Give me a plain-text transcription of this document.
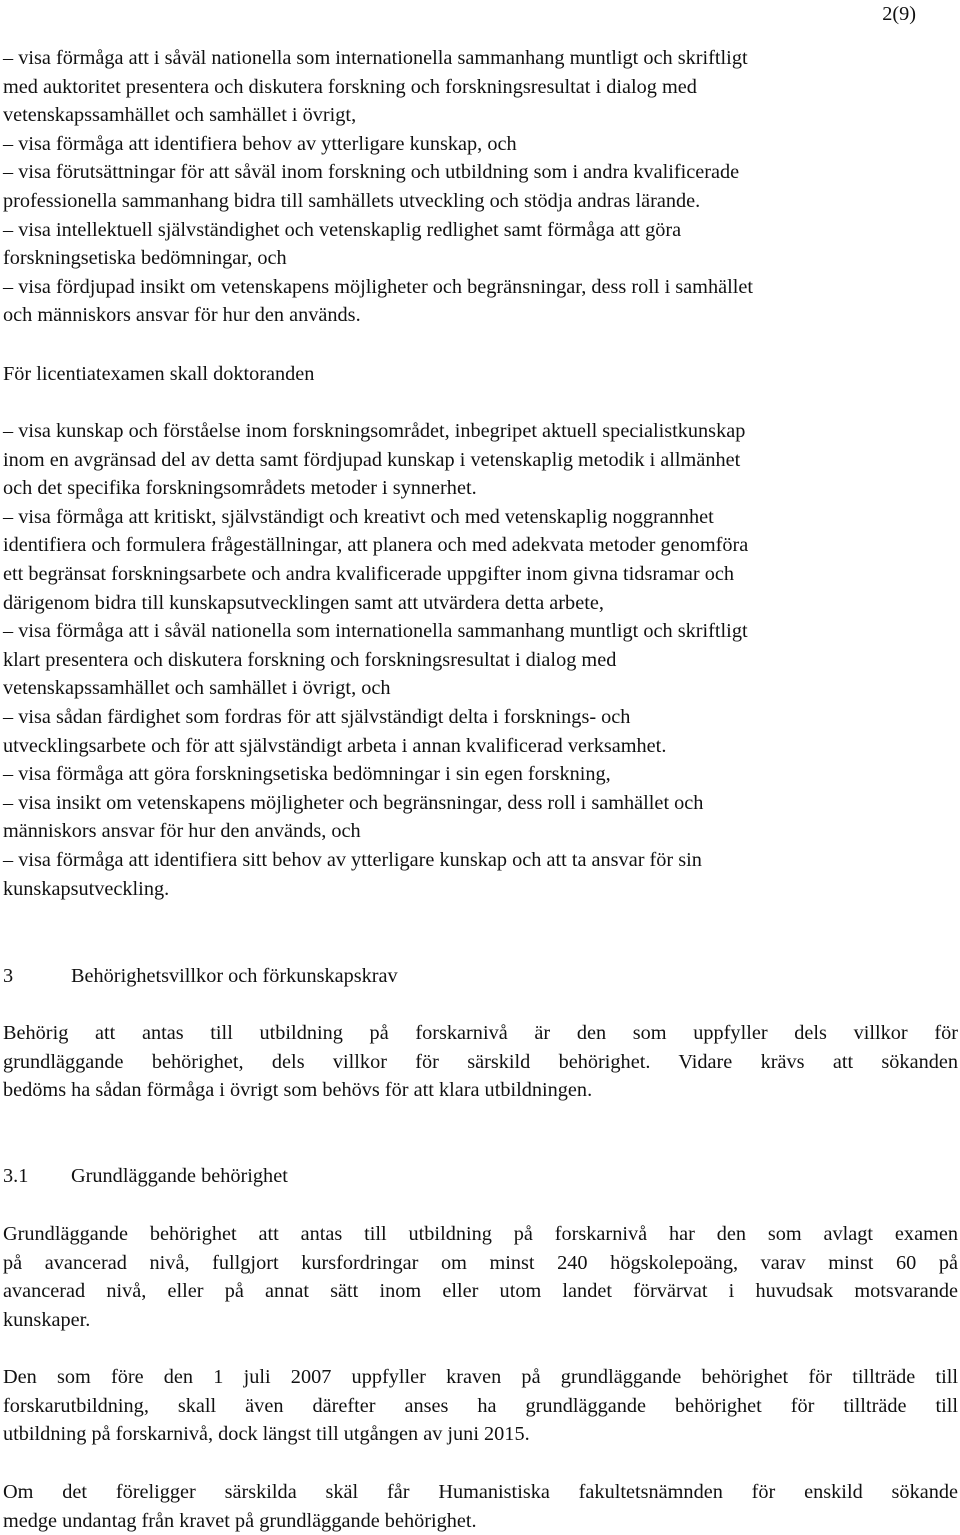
2(9)
– visa förmåga att i såväl nationella som internationella sammanhang muntligt och skriftligt
med auktoritet presentera och diskutera forskning och forskningsresultat i dialog med
vetenskapssamhället och samhället i övrigt,
– visa förmåga att identifiera behov av ytterligare kunskap, och
– visa förutsättningar för att såväl inom forskning och utbildning som i andra kvalificerade
professionella sammanhang bidra till samhällets utveckling och stödja andras lärande.
– visa intellektuell självständighet och vetenskaplig redlighet samt förmåga att göra
forskningsetiska bedömningar, och
– visa fördjupad insikt om vetenskapens möjligheter och begränsningar, dess roll i samhället
och människors ansvar för hur den används.
För licentiatexamen skall doktoranden
– visa kunskap och förståelse inom forskningsområdet, inbegripet aktuell specialistkunskap
inom en avgränsad del av detta samt fördjupad kunskap i vetenskaplig metodik i allmänhet
och det specifika forskningsområdets metoder i synnerhet.
– visa förmåga att kritiskt, självständigt och kreativt och med vetenskaplig noggrannhet
identifiera och formulera frågeställningar, att planera och med adekvata metoder genomföra
ett begränsat forskningsarbete och andra kvalificerade uppgifter inom givna tidsramar och
därigenom bidra till kunskapsutvecklingen samt att utvärdera detta arbete,
– visa förmåga att i såväl nationella som internationella sammanhang muntligt och skriftligt
klart presentera och diskutera forskning och forskningsresultat i dialog med
vetenskapssamhället och samhället i övrigt, och
– visa sådan färdighet som fordras för att självständigt delta i forsknings- och
utvecklingsarbete och för att självständigt arbeta i annan kvalificerad verksamhet.
– visa förmåga att göra forskningsetiska bedömningar i sin egen forskning,
– visa insikt om vetenskapens möjligheter och begränsningar, dess roll i samhället och
människors ansvar för hur den används, och
– visa förmåga att identifiera sitt behov av ytterligare kunskap och att ta ansvar för sin
kunskapsutveckling.
3	Behörighetsvillkor och förkunskapskrav
Behörig att antas till utbildning på forskarnivå är den som uppfyller dels villkor för
grundläggande behörighet, dels villkor för särskild behörighet. Vidare krävs att sökanden
bedöms ha sådan förmåga i övrigt som behövs för att klara utbildningen.
3.1 Grundläggande behörighet
Grundläggande behörighet att antas till utbildning på forskarnivå har den som avlagt examen
på avancerad nivå, fullgjort kursfordringar om minst 240 högskolepoäng, varav minst 60 på
avancerad nivå, eller på annat sätt inom eller utom landet förvärvat i huvudsak motsvarande
kunskaper.
Den som före den 1 juli 2007 uppfyller kraven på grundläggande behörighet för tillträde till
forskarutbildning, skall även därefter anses ha grundläggande behörighet för tillträde till
utbildning på forskarnivå, dock längst till utgången av juni 2015.
Om det föreligger särskilda skäl får Humanistiska fakultetsnämnden för enskild sökande
medge undantag från kravet på grundläggande behörighet.
